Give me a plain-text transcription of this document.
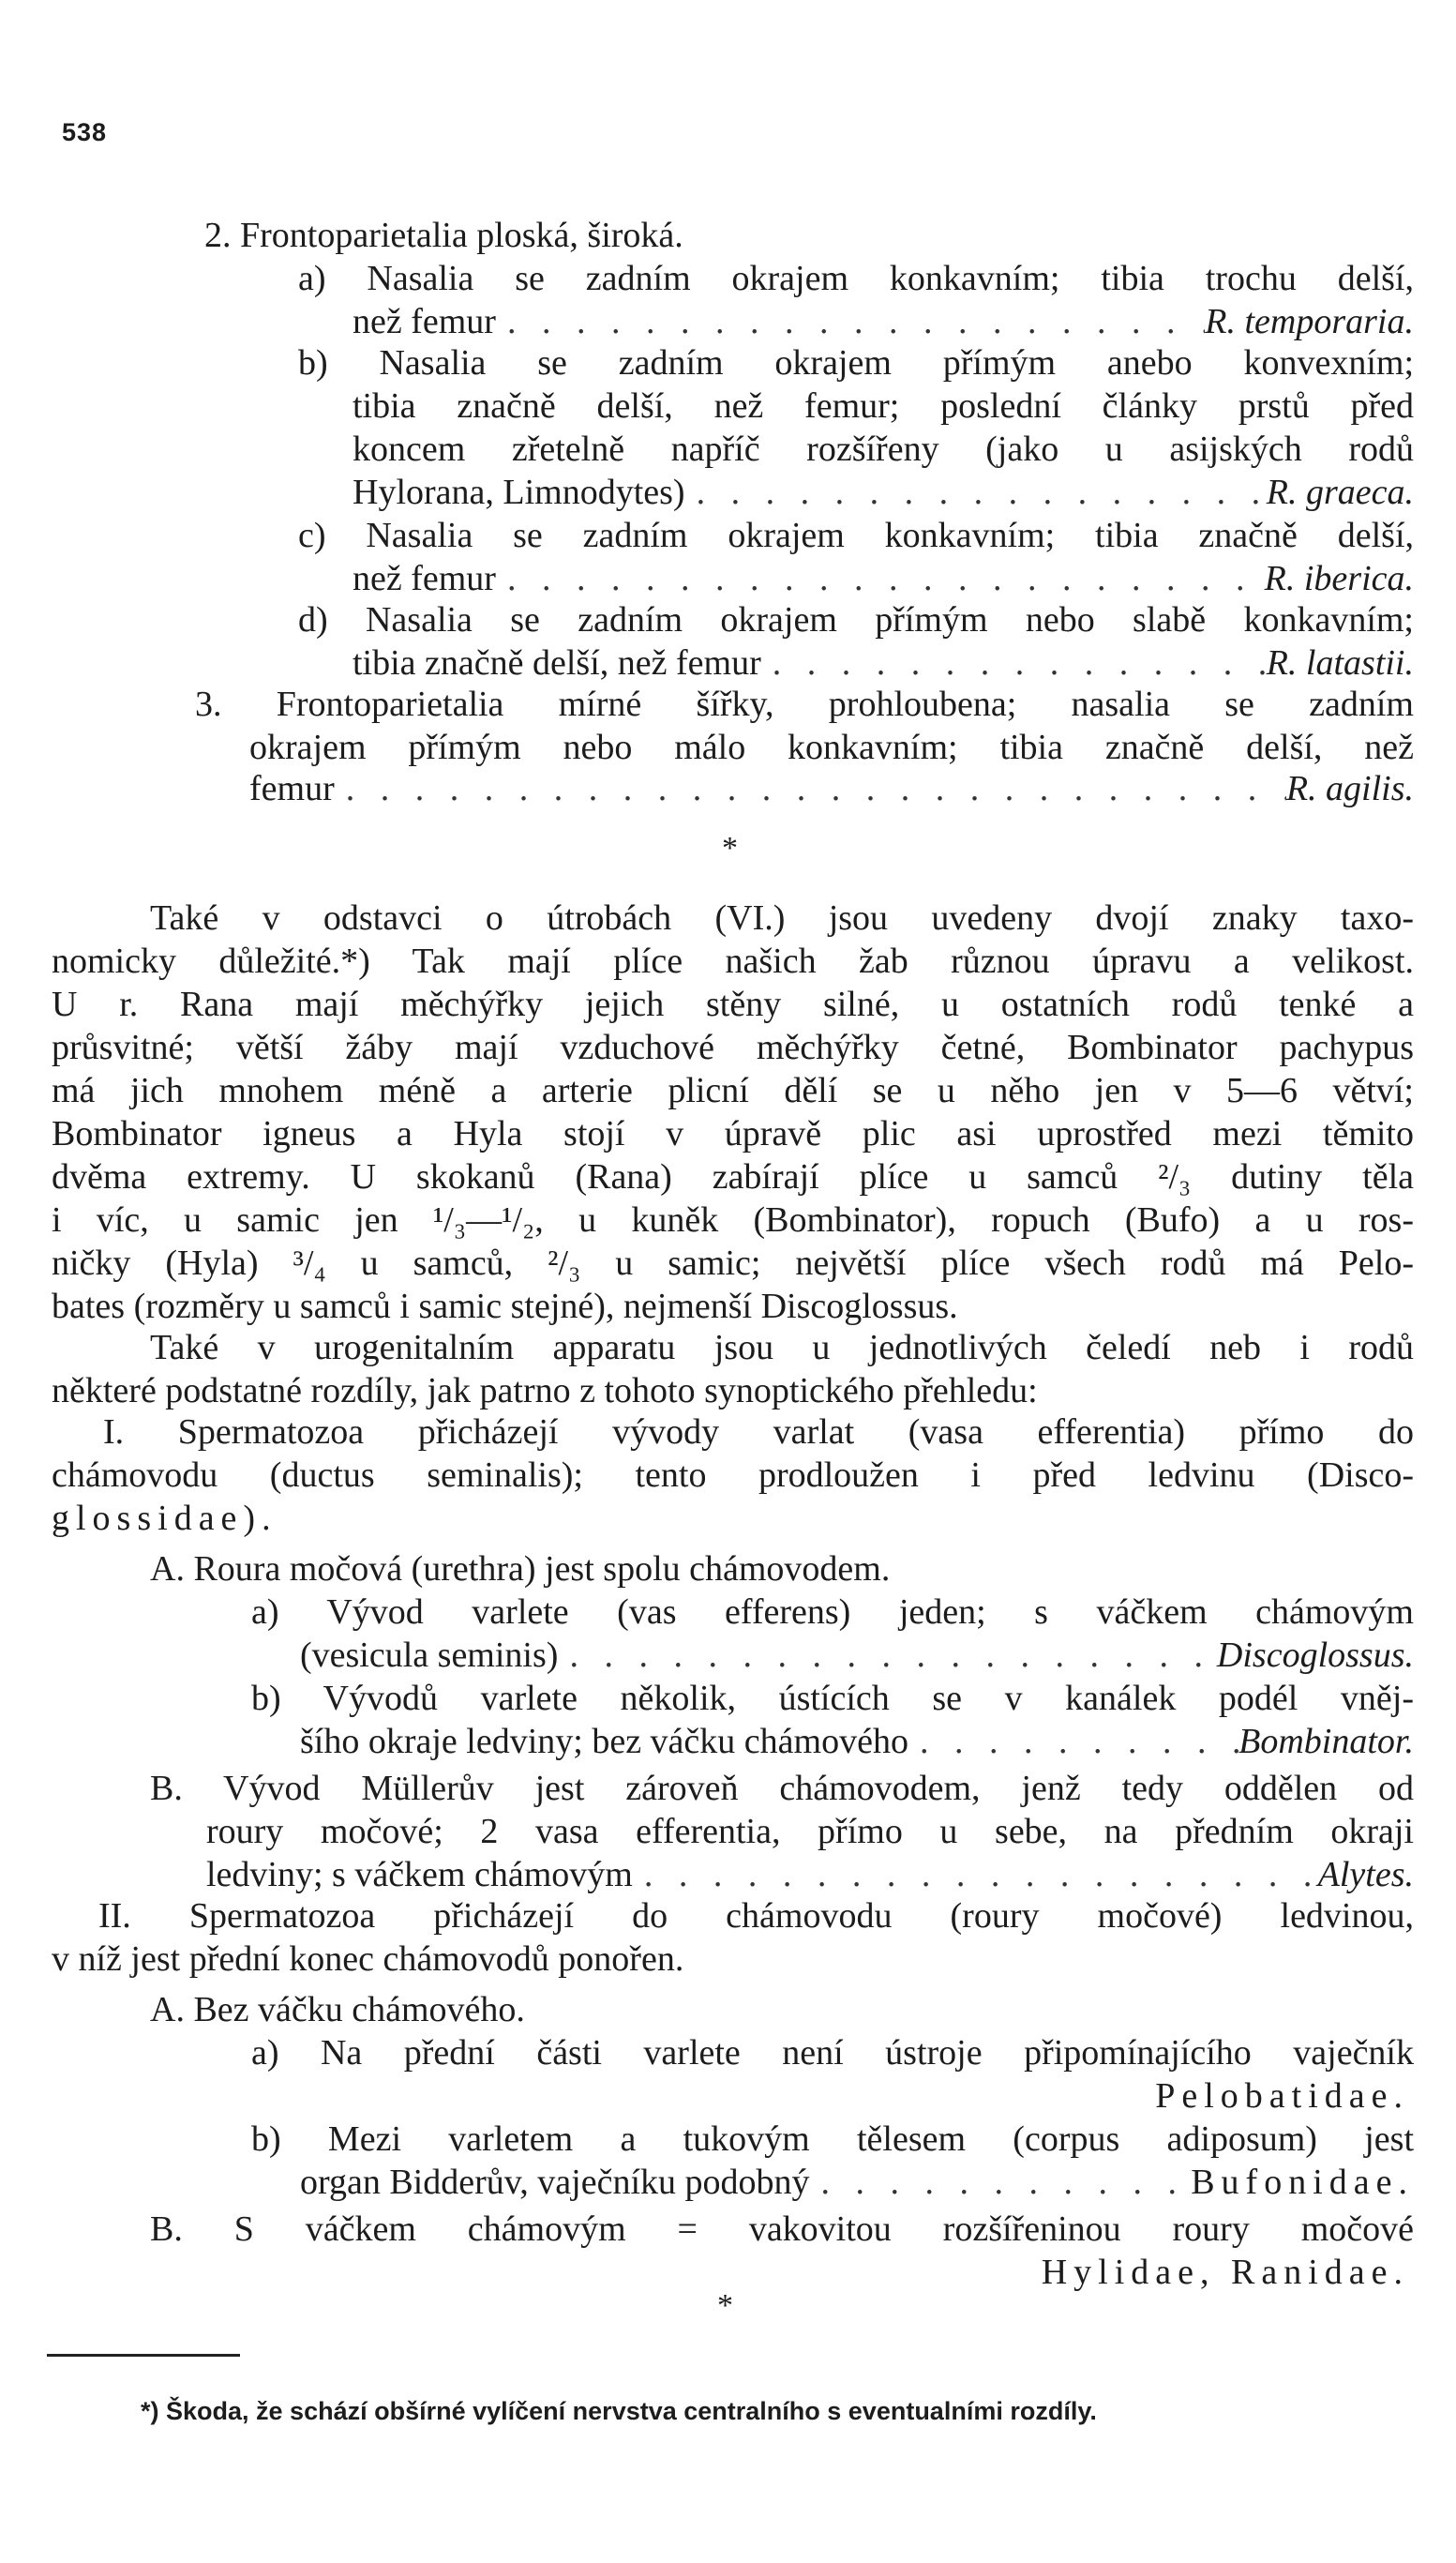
538
2. Frontoparietalia ploská, široká.
a) Nasalia se zadním okrajem konkavním; tibia trochu delší,
než femur . . .	R. temporaria.
b) Nasalia se zadním okrajem přímým anebo konvexním;
tibia značně delší, než femur; poslední články prstů před
koncem zřetelně napříč rozšířeny (jako u asijských rodů
Hylorana, Limnodytes) . . .	R. graeca.
c) Nasalia se zadním okrajem konkavním; tibia značně delší,
než femur . . .	R. iberica.
d) Nasalia se zadním okrajem přímým nebo slabě konkavním;
tibia značně delší, než femur . . .	R. latastii.
3. Frontoparietalia mírné šířky, prohloubena; nasalia se zadním
okrajem přímým nebo málo konkavním; tibia značně delší, než
femur . . .	R. agilis.
*
Také v odstavci o útrobách (VI.) jsou uvedeny dvojí znaky taxo-
nomicky důležité.*) Tak mají plíce našich žab různou úpravu a velikost.
U r. Rana mají měchýřky jejich stěny silné, u ostatních rodů tenké a
průsvitné; větší žáby mají vzduchové měchýřky četné, Bombinator pachypus
má jich mnohem méně a arterie plicní dělí se u něho jen v 5—6 větví;
Bombinator igneus a Hyla stojí v úpravě plic asi uprostřed mezi těmito
dvěma extremy. U skokanů (Rana) zabírají plíce u samců ²/₃ dutiny těla
i víc, u samic jen ¹/₃—¹/₂, u kuněk (Bombinator), ropuch (Bufo) a u ros-
ničky (Hyla) ³/₄ u samců, ²/₃ u samic; největší plíce všech rodů má Pelo-
bates (rozměry u samců i samic stejné), nejmenší Discoglossus.
Také v urogenitalním apparatu jsou u jednotlivých čeledí neb i rodů
některé podstatné rozdíly, jak patrno z tohoto synoptického přehledu:
I. Spermatozoa přicházejí vývody varlat (vasa efferentia) přímo do
chámovodu (ductus seminalis); tento prodloužen i před ledvinu (Disco-
glossidae).
A. Roura močová (urethra) jest spolu chámovodem.
a) Vývod varlete (vas efferens) jeden; s váčkem chámovým
(vesicula seminis) . . .	Discoglossus.
b) Vývodů varlete několik, ústících se v kanálek podél vněj-
šího okraje ledviny; bez váčku chámového . . .	Bombinator.
B. Vývod Müllerův jest zároveň chámovodem, jenž tedy oddělen od
roury močové; 2 vasa efferentia, přímo u sebe, na předním okraji
ledviny; s váčkem chámovým . . .	Alytes.
II. Spermatozoa přicházejí do chámovodu (roury močové) ledvinou,
v níž jest přední konec chámovodů ponořen.
A. Bez váčku chámového.
a) Na přední části varlete není ústroje připomínajícího vaječník
Pelobatidae.
b) Mezi varletem a tukovým tělesem (corpus adiposum) jest
organ Bidderův, vaječníku podobný . . .	Bufonidae.
B. S váčkem chámovým = vakovitou rozšířeninou roury močové
Hylidae, Ranidae.
*
*) Škoda, že schází obšírné vylíčení nervstva centralního s eventualními rozdíly.
